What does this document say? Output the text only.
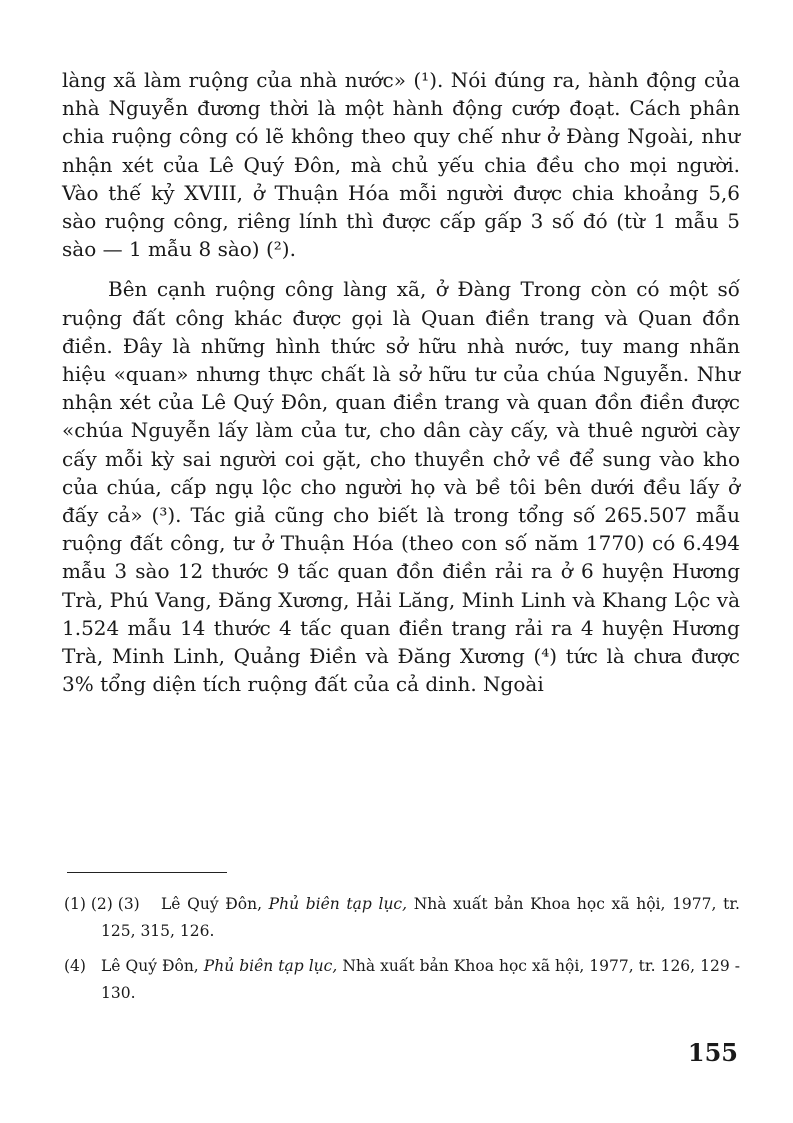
làng xã làm ruộng của nhà nước» (¹). Nói đúng ra, hành động của nhà Nguyễn đương thời là một hành động cướp đoạt. Cách phân chia ruộng công có lẽ không theo quy chế như ở Đàng Ngoài, như nhận xét của Lê Quý Đôn, mà chủ yếu chia đều cho mọi người. Vào thế kỷ XVIII, ở Thuận Hóa mỗi người được chia khoảng 5,6 sào ruộng công, riêng lính thì được cấp gấp 3 số đó (từ 1 mẫu 5 sào — 1 mẫu 8 sào) (²).

Bên cạnh ruộng công làng xã, ở Đàng Trong còn có một số ruộng đất công khác được gọi là Quan điền trang và Quan đồn điền. Đây là những hình thức sở hữu nhà nước, tuy mang nhãn hiệu «quan» nhưng thực chất là sở hữu tư của chúa Nguyễn. Như nhận xét của Lê Quý Đôn, quan điền trang và quan đồn điền được «chúa Nguyễn lấy làm của tư, cho dân cày cấy, và thuê người cày cấy mỗi kỳ sai người coi gặt, cho thuyền chở về để sung vào kho của chúa, cấp ngụ lộc cho người họ và bề tôi bên dưới đều lấy ở đấy cả» (³). Tác giả cũng cho biết là trong tổng số 265.507 mẫu ruộng đất công, tư ở Thuận Hóa (theo con số năm 1770) có 6.494 mẫu 3 sào 12 thước 9 tấc quan đồn điền rải ra ở 6 huyện Hương Trà, Phú Vang, Đăng Xương, Hải Lăng, Minh Linh và Khang Lộc và 1.524 mẫu 14 thước 4 tấc quan điền trang rải ra 4 huyện Hương Trà, Minh Linh, Quảng Điền và Đăng Xương (⁴) tức là chưa được 3% tổng diện tích ruộng đất của cả dinh. Ngoài

(1) (2) (3) Lê Quý Đôn, Phủ biên tạp lục, Nhà xuất bản Khoa học xã hội, 1977, tr. 125, 315, 126.
(4) Lê Quý Đôn, Phủ biên tạp lục, Nhà xuất bản Khoa học xã hội, 1977, tr. 126, 129 - 130.
155
